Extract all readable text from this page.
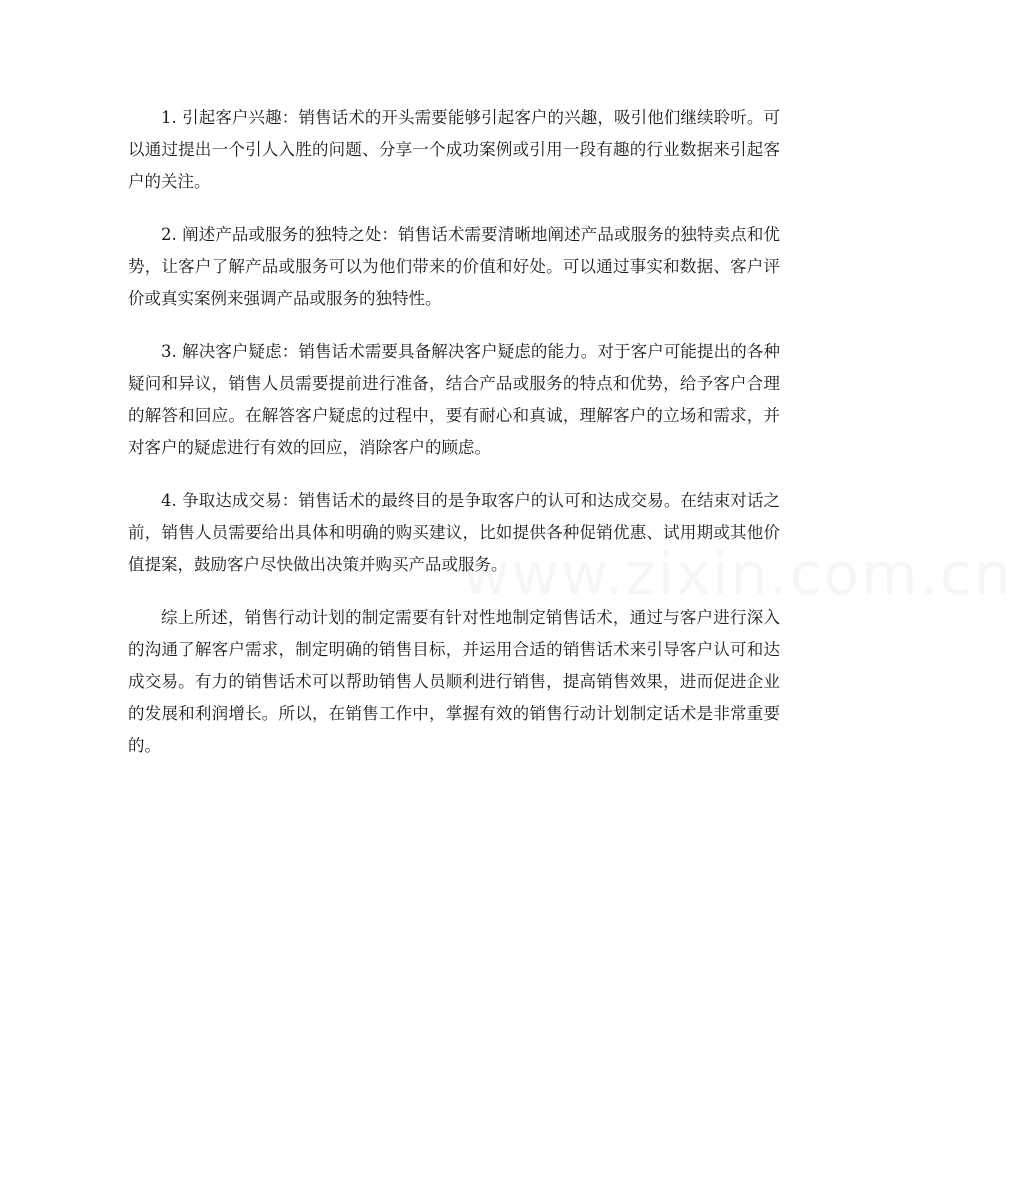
1. 引起客户兴趣：销售话术的开头需要能够引起客户的兴趣，吸引他们继续聆听。可以通过提出一个引人入胜的问题、分享一个成功案例或引用一段有趣的行业数据来引起客户的关注。

2. 阐述产品或服务的独特之处：销售话术需要清晰地阐述产品或服务的独特卖点和优势，让客户了解产品或服务可以为他们带来的价值和好处。可以通过事实和数据、客户评价或真实案例来强调产品或服务的独特性。

3. 解决客户疑虑：销售话术需要具备解决客户疑虑的能力。对于客户可能提出的各种疑问和异议，销售人员需要提前进行准备，结合产品或服务的特点和优势，给予客户合理的解答和回应。在解答客户疑虑的过程中，要有耐心和真诚，理解客户的立场和需求，并对客户的疑虑进行有效的回应，消除客户的顾虑。

4. 争取达成交易：销售话术的最终目的是争取客户的认可和达成交易。在结束对话之前，销售人员需要给出具体和明确的购买建议，比如提供各种促销优惠、试用期或其他价值提案，鼓励客户尽快做出决策并购买产品或服务。

综上所述，销售行动计划的制定需要有针对性地制定销售话术，通过与客户进行深入的沟通了解客户需求，制定明确的销售目标，并运用合适的销售话术来引导客户认可和达成交易。有力的销售话术可以帮助销售人员顺利进行销售，提高销售效果，进而促进企业的发展和利润增长。所以，在销售工作中，掌握有效的销售行动计划制定话术是非常重要的。

www.zixin.com.cn
